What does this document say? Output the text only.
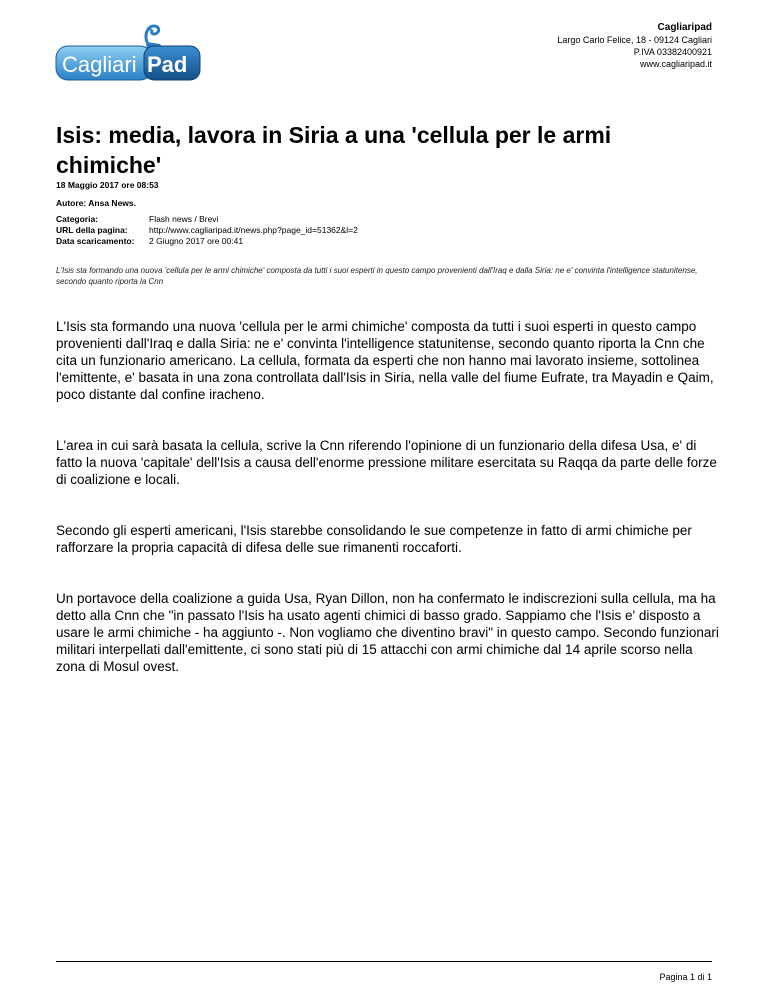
Cagliari Pad
Cagliaripad
Largo Carlo Felice, 18 - 09124 Cagliari
P.IVA 03382400921
www.cagliaripad.it
Isis: media, lavora in Siria a una 'cellula per le armi chimiche'
18 Maggio 2017 ore 08:53
Autore: Ansa News.
Categoria:	Flash news / Brevi
URL della pagina:	http://www.cagliaripad.it/news.php?page_id=51362&l=2
Data scaricamento:	2 Giugno 2017 ore 00:41
L'Isis sta formando una nuova 'cellula per le armi chimiche' composta da tutti i suoi esperti in questo campo provenienti dall'Iraq e dalla Siria: ne e' convinta l'intelligence statunitense, secondo quanto riporta la Cnn

L'Isis sta formando una nuova 'cellula per le armi chimiche' composta da tutti i suoi esperti in questo campo provenienti dall'Iraq e dalla Siria: ne e' convinta l'intelligence statunitense, secondo quanto riporta la Cnn che cita un funzionario americano. La cellula, formata da esperti che non hanno mai lavorato insieme, sottolinea l'emittente, e' basata in una zona controllata dall'Isis in Siria, nella valle del fiume Eufrate, tra Mayadin e Qaim, poco distante dal confine iracheno.

L'area in cui sarà basata la cellula, scrive la Cnn riferendo l'opinione di un funzionario della difesa Usa, e' di fatto la nuova 'capitale' dell'Isis a causa dell'enorme pressione militare esercitata su Raqqa da parte delle forze di coalizione e locali.

Secondo gli esperti americani, l'Isis starebbe consolidando le sue competenze in fatto di armi chimiche per rafforzare la propria capacità di difesa delle sue rimanenti roccaforti.

Un portavoce della coalizione a guida Usa, Ryan Dillon, non ha confermato le indiscrezioni sulla cellula, ma ha detto alla Cnn che "in passato l'Isis ha usato agenti chimici di basso grado. Sappiamo che l'Isis e' disposto a usare le armi chimiche - ha aggiunto -. Non vogliamo che diventino bravi" in questo campo. Secondo funzionari militari interpellati dall'emittente, ci sono stati più di 15 attacchi con armi chimiche dal 14 aprile scorso nella zona di Mosul ovest.

Pagina 1 di 1
